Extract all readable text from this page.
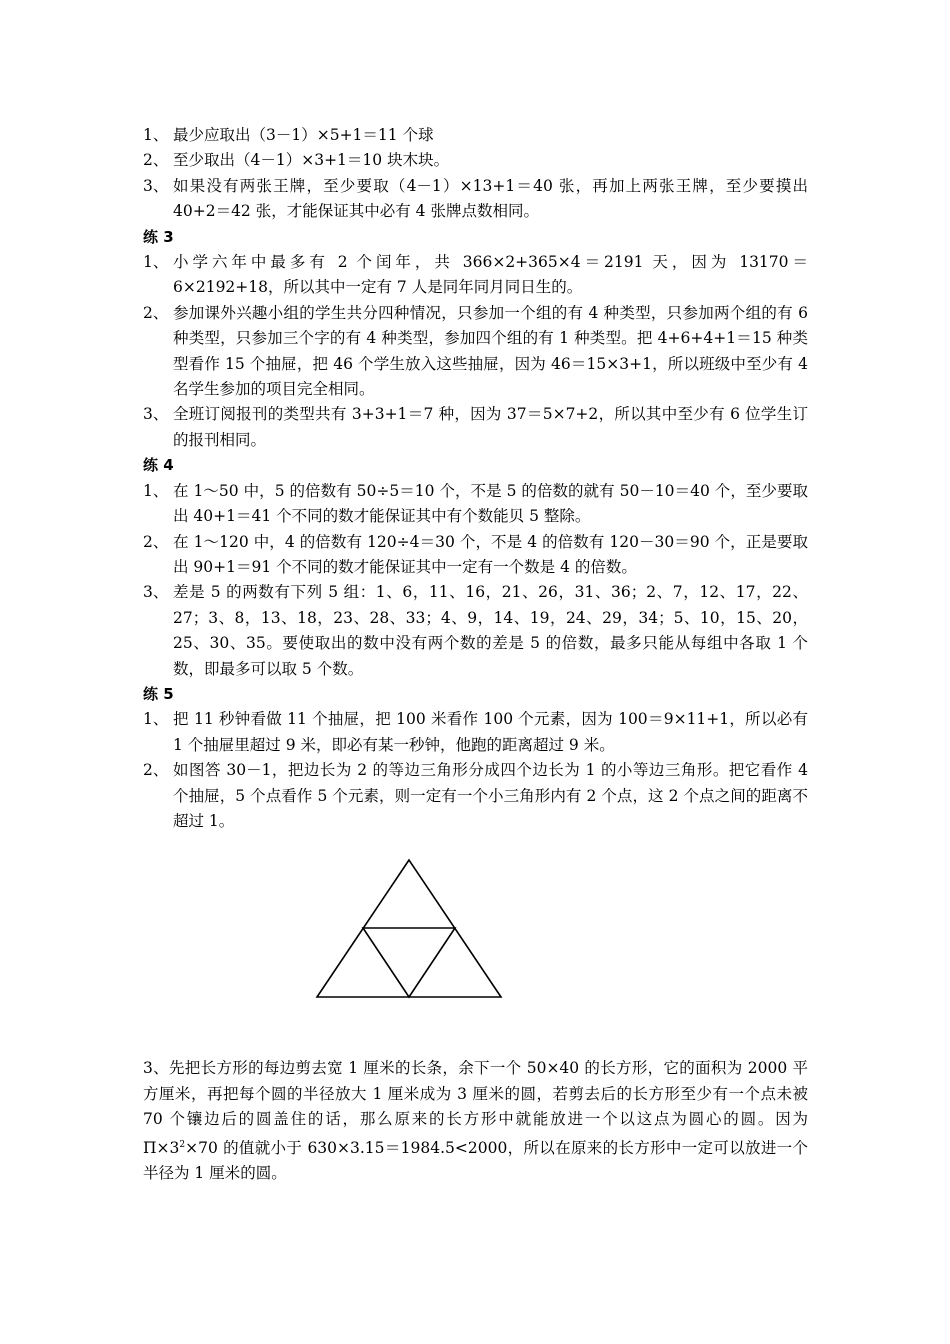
1、 最少应取出（3－1）×5+1＝11 个球
2、 至少取出（4－1）×3+1＝10 块木块。
3、 如果没有两张王牌，至少要取（4－1）×13+1＝40 张，再加上两张王牌，至少要摸出 40+2＝42 张，才能保证其中必有 4 张牌点数相同。
练 3
1、 小学六年中最多有 2 个闰年，共 366×2+365×4＝2191 天，因为 13170＝6×2192+18，所以其中一定有 7 人是同年同月同日生的。
2、 参加课外兴趣小组的学生共分四种情况，只参加一个组的有 4 种类型，只参加两个组的有 6 种类型，只参加三个字的有 4 种类型，参加四个组的有 1 种类型。把 4+6+4+1＝15 种类型看作 15 个抽屉，把 46 个学生放入这些抽屉，因为 46＝15×3+1，所以班级中至少有 4 名学生参加的项目完全相同。
3、 全班订阅报刊的类型共有 3+3+1＝7 种，因为 37＝5×7+2，所以其中至少有 6 位学生订的报刊相同。
练 4
1、 在 1～50 中，5 的倍数有 50÷5＝10 个，不是 5 的倍数的就有 50－10＝40 个，至少要取出 40+1＝41 个不同的数才能保证其中有个数能贝 5 整除。
2、 在 1～120 中，4 的倍数有 120÷4＝30 个，不是 4 的倍数有 120－30＝90 个，正是要取出 90+1＝91 个不同的数才能保证其中一定有一个数是 4 的倍数。
3、 差是 5 的两数有下列 5 组：1、6，11、16，21、26，31、36；2、7，12、17，22、27；3、8，13、18，23、28、33；4、9，14、19，24、29，34；5、10，15、20，25、30、35。要使取出的数中没有两个数的差是 5 的倍数，最多只能从每组中各取 1 个数，即最多可以取 5 个数。
练 5
1、 把 11 秒钟看做 11 个抽屉，把 100 米看作 100 个元素，因为 100＝9×11+1，所以必有 1 个抽屉里超过 9 米，即必有某一秒钟，他跑的距离超过 9 米。
2、 如图答 30－1，把边长为 2 的等边三角形分成四个边长为 1 的小等边三角形。把它看作 4 个抽屉，5 个点看作 5 个元素，则一定有一个小三角形内有 2 个点，这 2 个点之间的距离不超过 1。
3、先把长方形的每边剪去宽 1 厘米的长条，余下一个 50×40 的长方形，它的面积为 2000 平方厘米，再把每个圆的半径放大 1 厘米成为 3 厘米的圆，若剪去后的长方形至少有一个点未被 70 个镶边后的圆盖住的话，那么原来的长方形中就能放进一个以这点为圆心的圆。因为 $\Pi\times 3^2\times 70$ 的值就小于 630×3.15＝1984.5<2000，所以在原来的长方形中一定可以放进一个半径为 1 厘米的圆。
